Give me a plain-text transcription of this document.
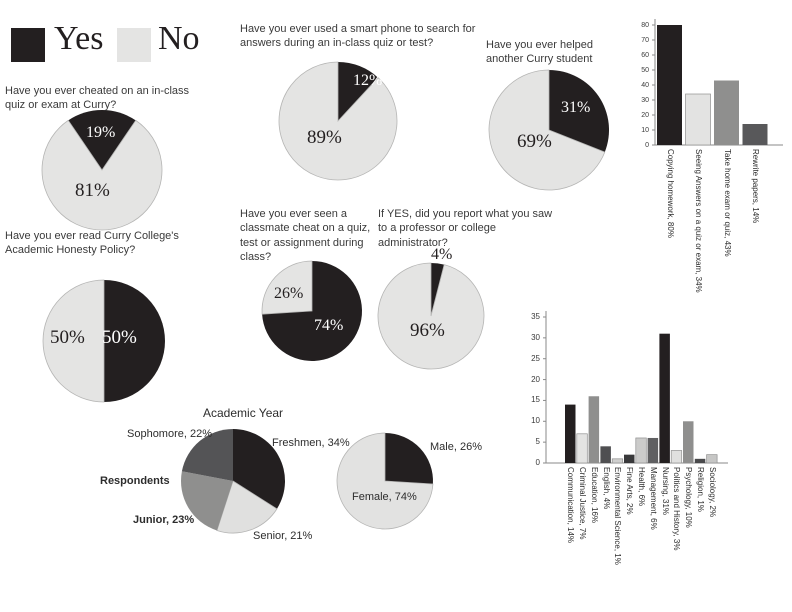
Yes No
Have you ever cheated on an in-class quiz or exam at Curry?
Have you ever used a smart phone to search for answers during an in-class quiz or test?	Have you ever helped another Curry student
Have you ever read Curry College's Academic Honesty Policy?
Have you ever seen a classmate cheat on a quiz, test or assignment during class?
If YES, did you report what you saw to a professor or college administrator?
19%
81%
12%
89%
31%
69%
50% 50%
26%
74%
4%
96%
Academic Year
Sophomore, 22%
Freshmen, 34%
Respondents
Junior, 23%
Senior, 21%
Male, 26%
Female, 74%
0
10
20
30
40
50
60
70
80
Copying homework, 80% Seeing Answers on a quiz or exam, 34% Take home exam or quiz, 43% Rewrite papers, 14%
0
5
10
15
20
25
30
35
Communication, 14% Criminal Justice, 7% Education, 16% English, 4% Environmental Science, 1% Fine Arts, 2% Health, 6% Management, 6% Nursing, 31% Politics and History, 3% Psychology, 10% Religion, 1% Sociology, 2%
